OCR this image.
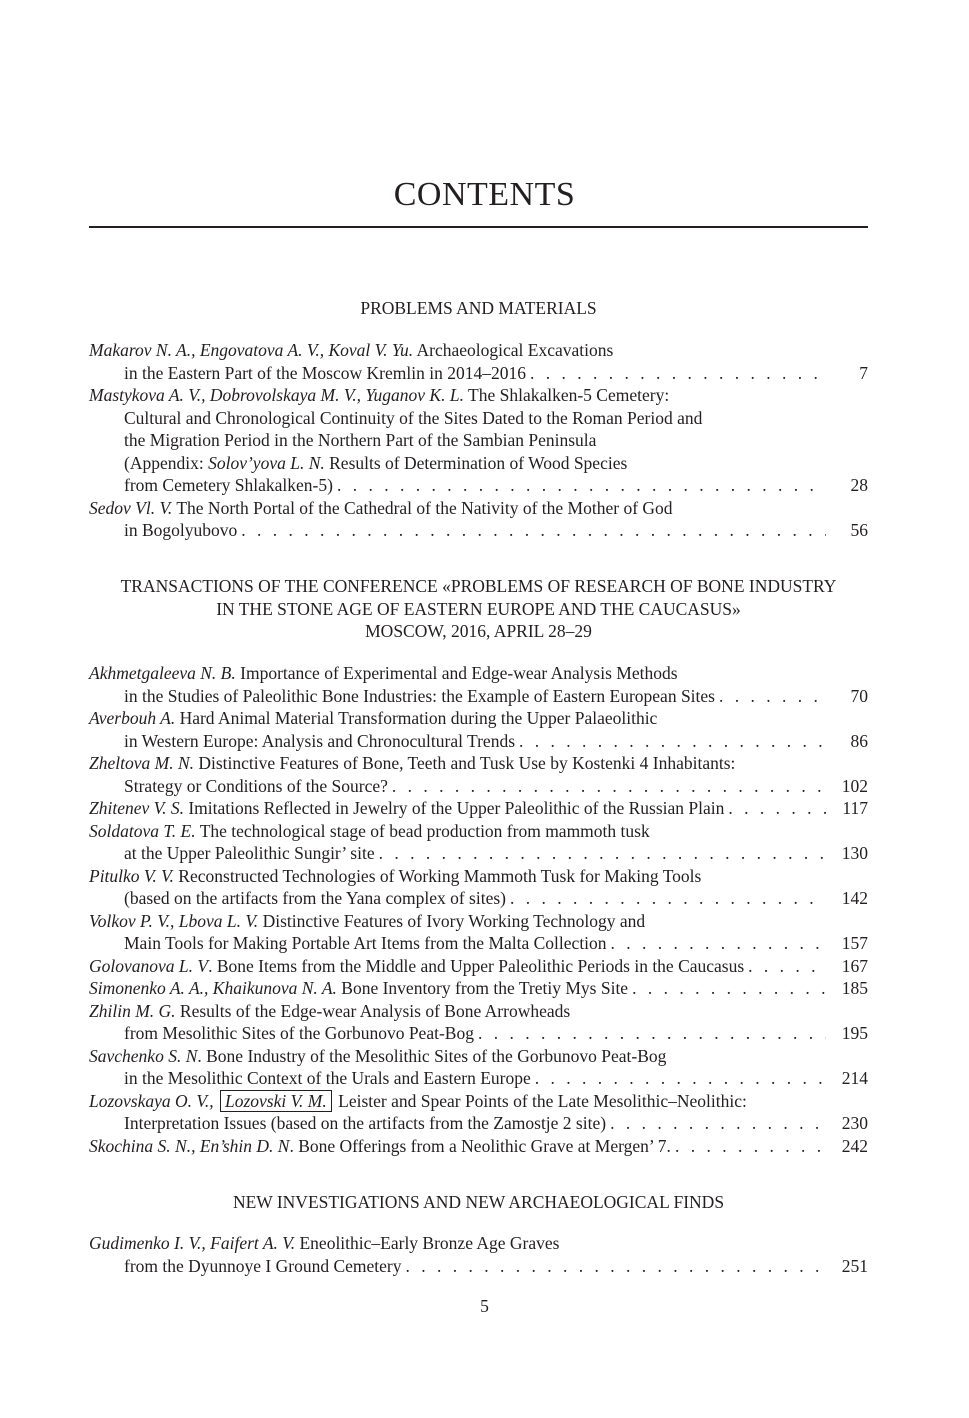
CONTENTS
PROBLEMS AND MATERIALS
Makarov N. A., Engovatova A. V., Koval V. Yu. Archaeological Excavations
in the Eastern Part of the Moscow Kremlin in 2014–2016 . . .	7
Mastykova A. V., Dobrovolskaya M. V., Yuganov K. L. The Shlakalken-5 Cemetery:
Cultural and Chronological Continuity of the Sites Dated to the Roman Period and
the Migration Period in the Northern Part of the Sambian Peninsula
(Appendix: Solov’yova L. N. Results of Determination of Wood Species
from Cemetery Shlakalken-5) . . .	28
Sedov Vl. V. The North Portal of the Cathedral of the Nativity of the Mother of God
in Bogolyubovo . . .	56
TRANSACTIONS OF THE CONFERENCE «PROBLEMS OF RESEARCH OF BONE INDUSTRY
IN THE STONE AGE OF EASTERN EUROPE AND THE CAUCASUS»
MOSCOW, 2016, APRIL 28–29
Akhmetgaleeva N. B. Importance of Experimental and Edge-wear Analysis Methods
in the Studies of Paleolithic Bone Industries: the Example of Eastern European Sites . . .	70
Averbouh A. Hard Animal Material Transformation during the Upper Palaeolithic
in Western Europe: Analysis and Chronocultural Trends . . .	86
Zheltova M. N. Distinctive Features of Bone, Teeth and Tusk Use by Kostenki 4 Inhabitants:
Strategy or Conditions of the Source? . . .	102
Zhitenev V. S. Imitations Reflected in Jewelry of the Upper Paleolithic of the Russian Plain . . .	117
Soldatova T. E. The technological stage of bead production from mammoth tusk
at the Upper Paleolithic Sungir’ site . . .	130
Pitulko V. V. Reconstructed Technologies of Working Mammoth Tusk for Making Tools
(based on the artifacts from the Yana complex of sites) . . .	142
Volkov P. V., Lbova L. V. Distinctive Features of Ivory Working Technology and
Main Tools for Making Portable Art Items from the Malta Collection . . .	157
Golovanova L. V. Bone Items from the Middle and Upper Paleolithic Periods in the Caucasus . . .	167
Simonenko A. A., Khaikunova N. A. Bone Inventory from the Tretiy Mys Site . . .	185
Zhilin M. G. Results of the Edge-wear Analysis of Bone Arrowheads
from Mesolithic Sites of the Gorbunovo Peat-Bog . . .	195
Savchenko S. N. Bone Industry of the Mesolithic Sites of the Gorbunovo Peat-Bog
in the Mesolithic Context of the Urals and Eastern Europe . . .	214
Lozovskaya O. V., Lozovski V. M. Leister and Spear Points of the Late Mesolithic–Neolithic:
Interpretation Issues (based on the artifacts from the Zamostje 2 site) . . .	230
Skochina S. N., En’shin D. N. Bone Offerings from a Neolithic Grave at Mergen’ 7. . . .	242
NEW INVESTIGATIONS AND NEW ARCHAEOLOGICAL FINDS
Gudimenko I. V., Faifert A. V. Eneolithic–Early Bronze Age Graves
from the Dyunnoye I Ground Cemetery . . .	251
5
